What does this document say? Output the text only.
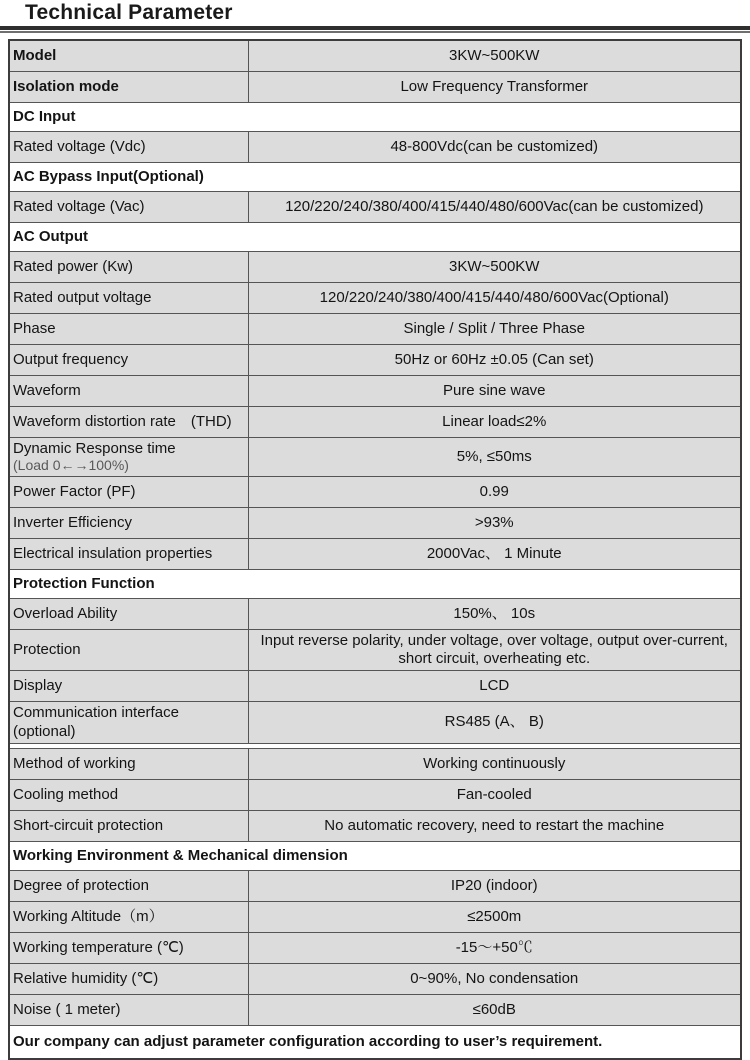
Technical Parameter
Model	3KW~500KW
Isolation mode	Low Frequency Transformer
DC Input	
Rated voltage (Vdc)	48-800Vdc(can be customized)
AC Bypass Input(Optional)	
Rated voltage (Vac)	120/220/240/380/400/415/440/480/600Vac(can be customized)
AC Output	
Rated power (Kw)	3KW~500KW
Rated output voltage	120/220/240/380/400/415/440/480/600Vac(Optional)
Phase	Single / Split / Three Phase
Output frequency	50Hz or 60Hz ±0.05 (Can set)
Waveform	Pure sine wave
Waveform distortion rate　(THD)	Linear load≤2%
Dynamic Response time
(Load 0←→100%)	5%, ≤50ms
Power Factor (PF)	0.99
Inverter Efficiency	>93%
Electrical insulation properties	2000Vac、 1 Minute
Protection Function	
Overload Ability	150%、 10s
Protection	Input reverse polarity, under voltage, over voltage, output over-current, short circuit, overheating etc.
Display	LCD
Communication interface (optional)	RS485 (A、 B)

Method of working	Working continuously
Cooling method	Fan-cooled
Short-circuit protection	No automatic recovery, need to restart the machine
Working Environment & Mechanical dimension	
Degree of protection	IP20 (indoor)
Working Altitude（m）	≤2500m
Working temperature (℃)	-15～+50℃
Relative humidity (℃)	0~90%, No condensation
Noise ( 1 meter)	≤60dB
Our company can adjust parameter configuration according to user’s requirement.	
